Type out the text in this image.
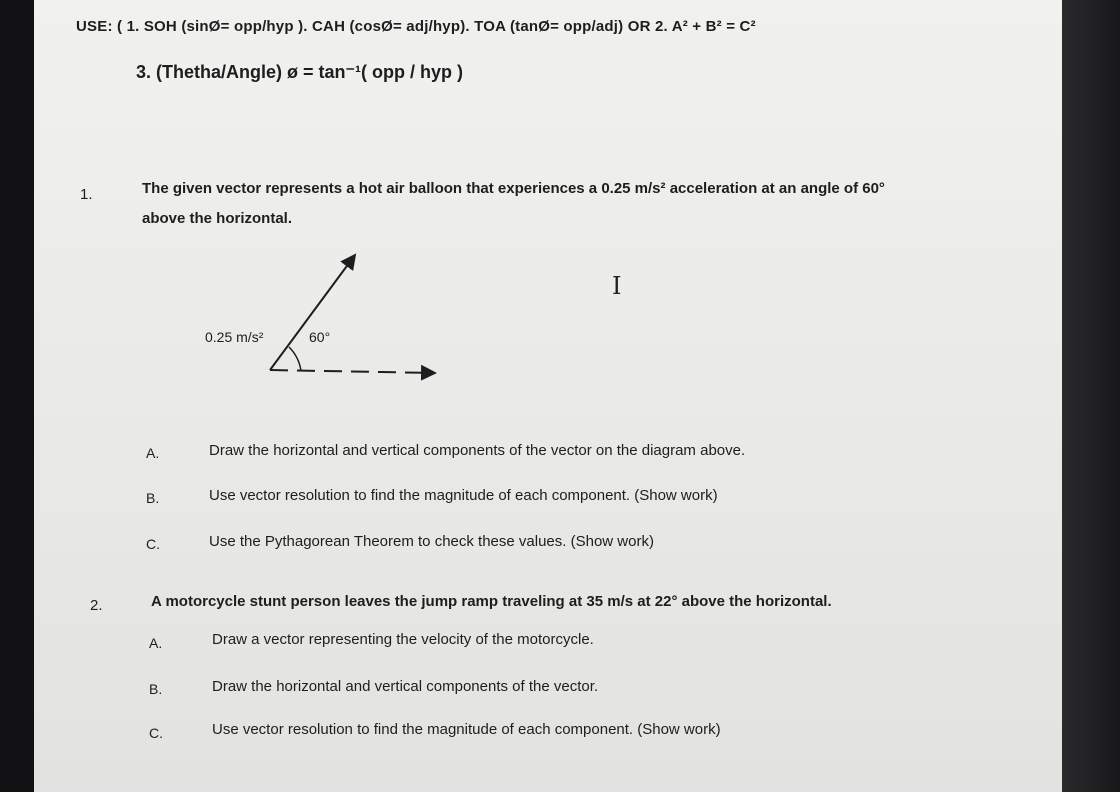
USE: ( 1. SOH (sinØ= opp/hyp ). CAH (cosØ= adj/hyp). TOA (tanØ= opp/adj) OR 2. A² + B² = C²
3. (Thetha/Angle) ø = tan⁻¹( opp / hyp )
1.	The given vector represents a hot air balloon that experiences a 0.25 m/s² acceleration at an angle of 60°
above the horizontal.
0.25 m/s²	60°
I
A.	Draw the horizontal and vertical components of the vector on the diagram above.
B.	Use vector resolution to find the magnitude of each component. (Show work)
C.	Use the Pythagorean Theorem to check these values. (Show work)
2.	A motorcycle stunt person leaves the jump ramp traveling at 35 m/s at 22° above the horizontal.
A.	Draw a vector representing the velocity of the motorcycle.
B.	Draw the horizontal and vertical components of the vector.
C.	Use vector resolution to find the magnitude of each component. (Show work)
